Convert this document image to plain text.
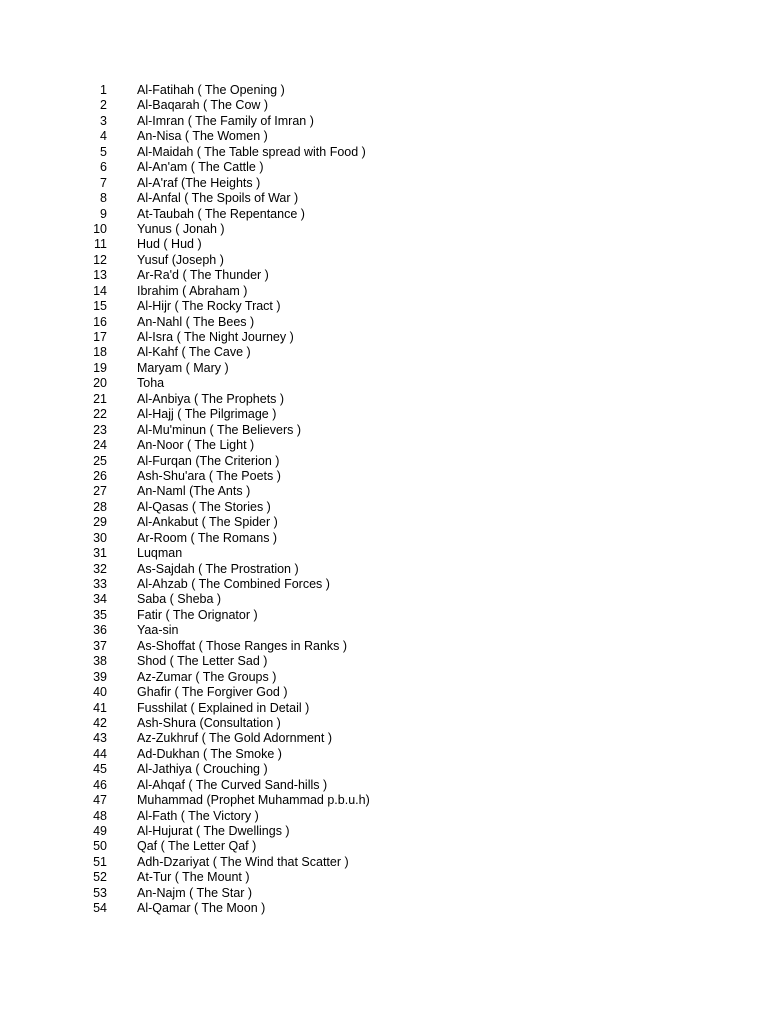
1 Al-Fatihah ( The Opening )
2 Al-Baqarah ( The Cow )
3 Al-Imran ( The Family of Imran )
4 An-Nisa ( The Women )
5 Al-Maidah ( The Table spread with Food )
6 Al-An'am ( The Cattle )
7 Al-A'raf (The Heights )
8 Al-Anfal ( The Spoils of War )
9 At-Taubah ( The Repentance )
10 Yunus ( Jonah )
11 Hud ( Hud )
12 Yusuf (Joseph )
13 Ar-Ra'd ( The Thunder )
14 Ibrahim ( Abraham )
15 Al-Hijr ( The Rocky Tract )
16 An-Nahl ( The Bees )
17 Al-Isra ( The Night Journey )
18 Al-Kahf ( The Cave )
19 Maryam ( Mary )
20 Toha
21 Al-Anbiya ( The Prophets )
22 Al-Hajj ( The Pilgrimage )
23 Al-Mu'minun ( The Believers )
24 An-Noor ( The Light )
25 Al-Furqan (The Criterion )
26 Ash-Shu'ara ( The Poets )
27 An-Naml (The Ants )
28 Al-Qasas ( The Stories )
29 Al-Ankabut ( The Spider )
30 Ar-Room ( The Romans )
31 Luqman
32 As-Sajdah ( The Prostration )
33 Al-Ahzab ( The Combined Forces )
34 Saba ( Sheba )
35 Fatir ( The Orignator )
36 Yaa-sin
37 As-Shoffat ( Those Ranges in Ranks )
38 Shod ( The Letter Sad )
39 Az-Zumar ( The Groups )
40 Ghafir ( The Forgiver God )
41 Fusshilat ( Explained in Detail )
42 Ash-Shura (Consultation )
43 Az-Zukhruf ( The Gold Adornment )
44 Ad-Dukhan ( The Smoke )
45 Al-Jathiya ( Crouching )
46 Al-Ahqaf ( The Curved Sand-hills )
47 Muhammad (Prophet Muhammad p.b.u.h)
48 Al-Fath ( The Victory )
49 Al-Hujurat ( The Dwellings )
50 Qaf ( The Letter Qaf )
51 Adh-Dzariyat ( The Wind that Scatter )
52 At-Tur ( The Mount )
53 An-Najm ( The Star )
54 Al-Qamar ( The Moon )
